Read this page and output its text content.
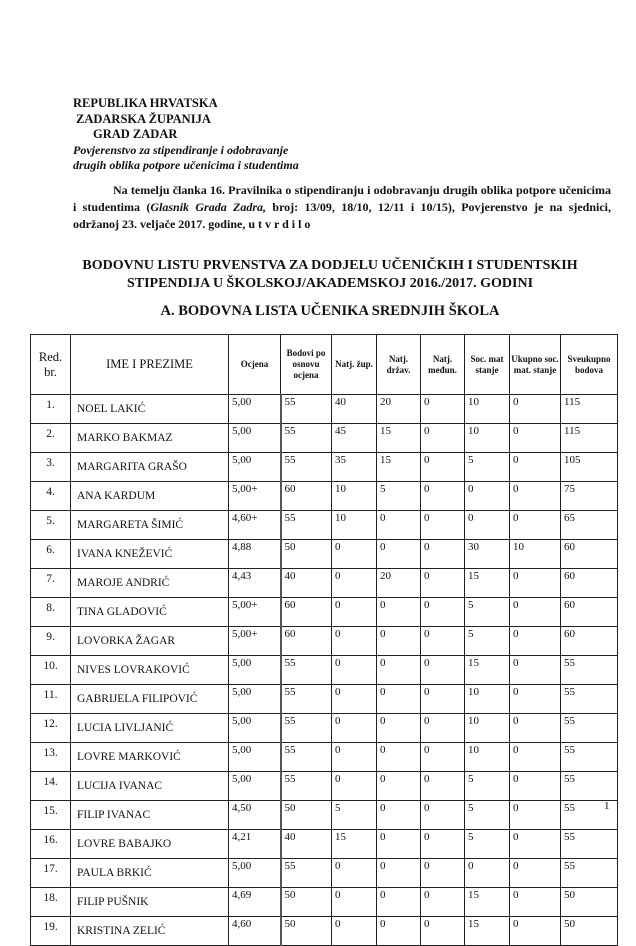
REPUBLIKA HRVATSKA
ZADARSKA ŽUPANIJA
GRAD ZADAR
Povjerenstvo za stipendiranje i odobravanje
drugih oblika potpore učenicima i studentima
Na temelju članka 16. Pravilnika o stipendiranju i odobravanju drugih oblika potpore učenicima i studentima (Glasnik Grada Zadra, broj: 13/09, 18/10, 12/11 i 10/15), Povjerenstvo je na sjednici, održanoj 23. veljače 2017. godine, u t v r d i l o
BODOVNU LISTU PRVENSTVA ZA DODJELU UČENIČKIH I STUDENTSKIH
STIPENDIJA U ŠKOLSKOJ/AKADEMSKOJ 2016./2017. GODINI
A. BODOVNA LISTA UČENIKA SREDNJIH ŠKOLA
Red. br.	IME I PREZIME	Ocjena	Bodovi po osnovu ocjena	Natj. žup.	Natj. držav.	Natj. međun.	Soc. mat stanje	Ukupno soc. mat. stanje	Sveukupno bodova
1.	NOEL LAKIĆ	5,00	55	40	20	0	10	0	115
2.	MARKO BAKMAZ	5,00	55	45	15	0	10	0	115
3.	MARGARITA GRAŠO	5,00	55	35	15	0	5	0	105
4.	ANA KARDUM	5,00+	60	10	5	0	0	0	75
5.	MARGARETA ŠIMIĆ	4,60+	55	10	0	0	0	0	65
6.	IVANA KNEŽEVIĆ	4,88	50	0	0	0	30	10	60
7.	MAROJE ANDRIĆ	4,43	40	0	20	0	15	0	60
8.	TINA GLADOVIĆ	5,00+	60	0	0	0	5	0	60
9.	LOVORKA ŽAGAR	5,00+	60	0	0	0	5	0	60
10.	NIVES LOVRAKOVIĆ	5,00	55	0	0	0	15	0	55
11.	GABRIJELA FILIPOVIĆ	5,00	55	0	0	0	10	0	55
12.	LUCIA LIVLJANIĆ	5,00	55	0	0	0	10	0	55
13.	LOVRE MARKOVIĆ	5,00	55	0	0	0	10	0	55
14.	LUCIJA IVANAC	5,00	55	0	0	0	5	0	55
15.	FILIP IVANAC	4,50	50	5	0	0	5	0	55
16.	LOVRE BABAJKO	4,21	40	15	0	0	5	0	55
17.	PAULA BRKIĆ	5,00	55	0	0	0	0	0	55
18.	FILIP PUŠNIK	4,69	50	0	0	0	15	0	50
19.	KRISTINA ZELIĆ	4,60	50	0	0	0	15	0	50
1
